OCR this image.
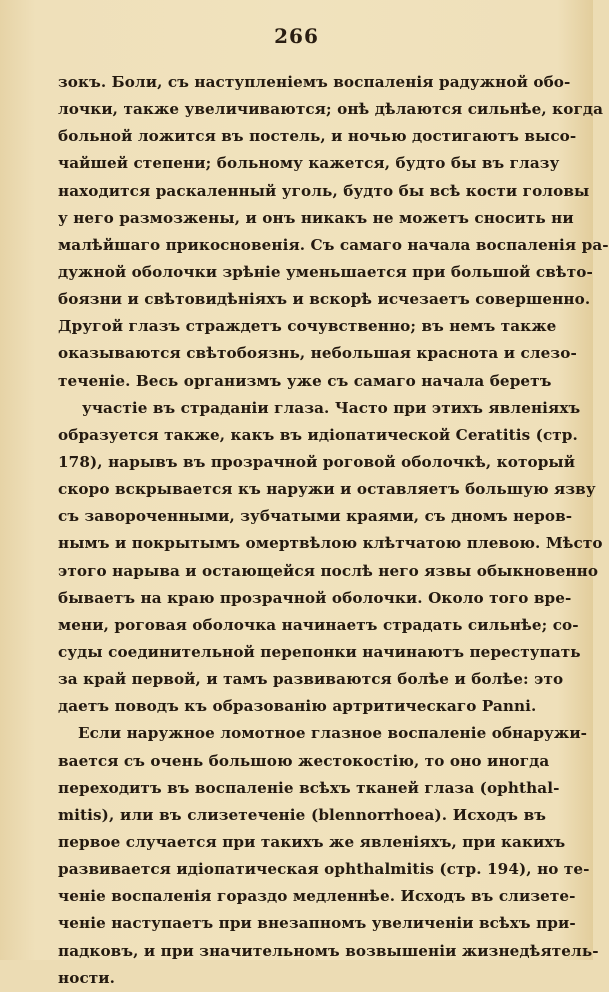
266
зокъ. Боли, съ наступленіемъ воспаленія радужной обо-
лочки, также увеличиваются; онѣ дѣлаются сильнѣе, когда
больной ложится въ постель, и ночью достигаютъ высо-
чайшей степени; больному кажется, будто бы въ глазу
находится раскаленный уголь, будто бы всѣ кости головы
у него размозжены, и онъ никакъ не можетъ сносить ни
малѣйшаго прикосновенія. Съ самаго начала воспаленія ра-
дужной оболочки зрѣніе уменьшается при большой свѣто-
боязни и свѣтовидѣніяхъ и вскорѣ исчезаетъ совершенно.
Другой глазъ страждетъ сочувственно; въ немъ также
оказываются свѣтобоязнь, небольшая краснота и слезо-
теченіе. Весь организмъ уже съ самаго начала беретъ
участіе въ страданіи глаза. Часто при этихъ явленіяхъ
образуется также, какъ въ идіопатической Ceratitis (стр.
178), нарывъ въ прозрачной роговой оболочкѣ, который
скоро вскрывается къ наружи и оставляетъ большую язву
съ завороченными, зубчатыми краями, съ дномъ неров-
нымъ и покрытымъ омертвѣлою клѣтчатою плевою. Мѣсто
этого нарыва и остающейся послѣ него язвы обыкновенно
бываетъ на краю прозрачной оболочки. Около того вре-
мени, роговая оболочка начинаетъ страдать сильнѣе; со-
суды соединительной перепонки начинаютъ переступать
за край первой, и тамъ развиваются болѣе и болѣе: это
даетъ поводъ къ образованію артритическаго Panni.
Если наружное ломотное глазное воспаленіе обнаружи-
вается съ очень большою жестокостію, то оно иногда
переходитъ въ воспаленіе всѣхъ тканей глаза (ophthal-
mitis), или въ слизетеченіе (blennorrhoea). Исходъ въ
первое случается при такихъ же явленіяхъ, при какихъ
развивается идіопатическая ophthalmitis (стр. 194), но те-
ченіе воспаленія гораздо медленнѣе. Исходъ въ слизете-
ченіе наступаетъ при внезапномъ увеличеніи всѣхъ при-
падковъ, и при значительномъ возвышеніи жизнедѣятель-
ности.
